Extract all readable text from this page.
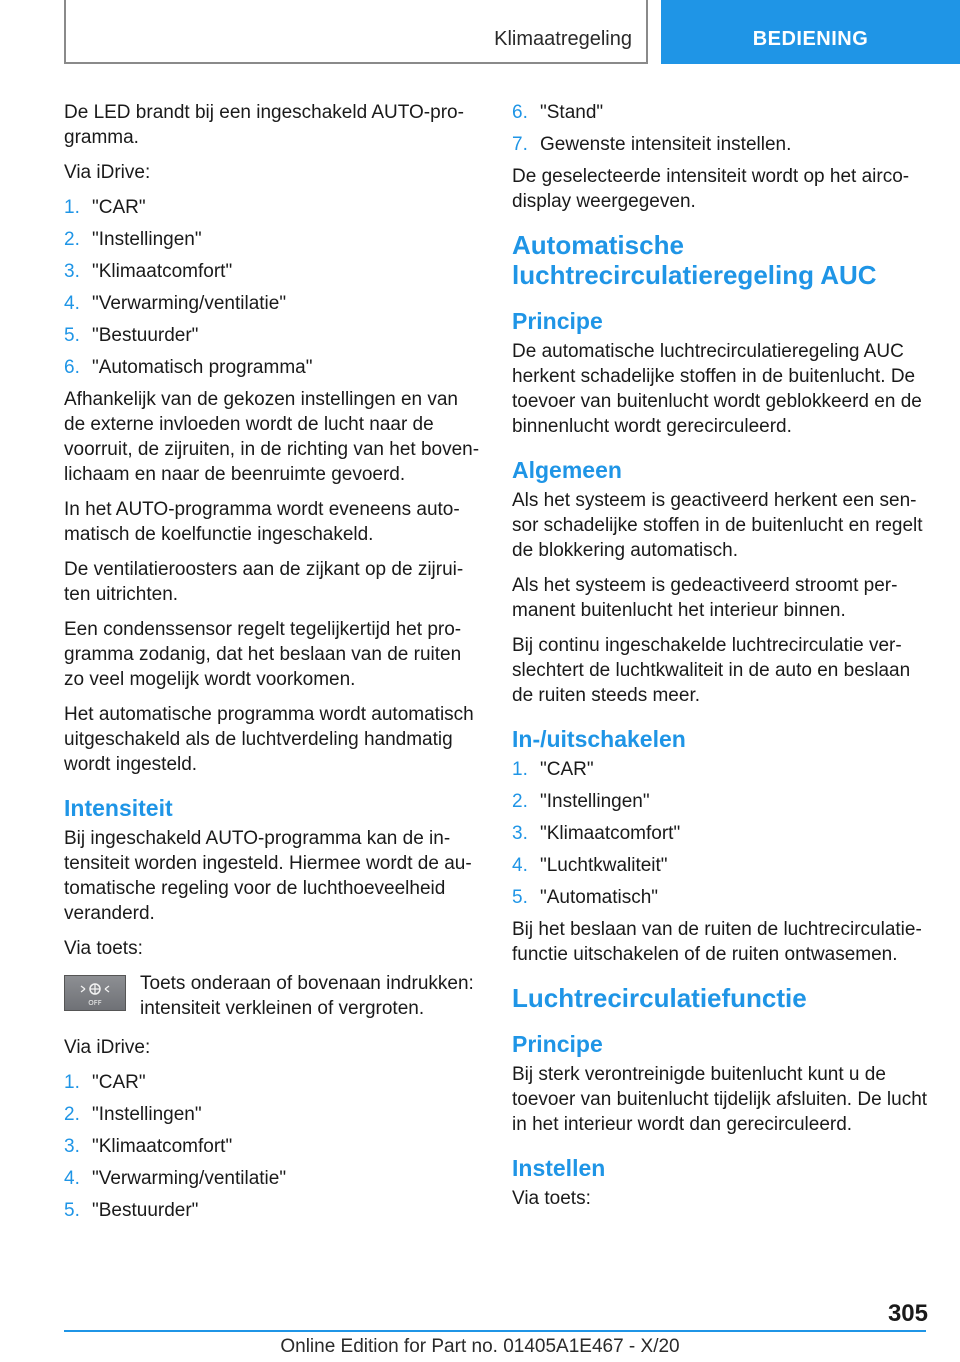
Klimaatregeling	BEDIENING

De LED brandt bij een ingeschakeld AUTO-pro‐gramma.

Via iDrive:

1. "CAR"
2. "Instellingen"
3. "Klimaatcomfort"
4. "Verwarming/ventilatie"
5. "Bestuurder"
6. "Automatisch programma"

Afhankelijk van de gekozen instellingen en van de externe invloeden wordt de lucht naar de voorruit, de zijruiten, in de richting van het boven‐lichaam en naar de beenruimte gevoerd.

In het AUTO-programma wordt eveneens auto‐matisch de koelfunctie ingeschakeld.

De ventilatieroosters aan de zijkant op de zijrui‐ten uitrichten.

Een condenssensor regelt tegelijkertijd het pro‐gramma zodanig, dat het beslaan van de ruiten zo veel mogelijk wordt voorkomen.

Het automatische programma wordt automatisch uitgeschakeld als de luchtverdeling handmatig wordt ingesteld.

Intensiteit

Bij ingeschakeld AUTO-programma kan de in‐tensiteit worden ingesteld. Hiermee wordt de au‐tomatische regeling voor de luchthoeveelheid veranderd.

Via toets:

OFF
Toets onderaan of bovenaan indrukken: intensiteit verkleinen of vergroten.

Via iDrive:

1. "CAR"
2. "Instellingen"
3. "Klimaatcomfort"
4. "Verwarming/ventilatie"
5. "Bestuurder"
6. "Stand"
7. Gewenste intensiteit instellen.

De geselecteerde intensiteit wordt op het airco‐display weergegeven.

Automatische luchtrecirculatieregeling AUC
Principe

De automatische luchtrecirculatieregeling AUC herkent schadelijke stoffen in de buitenlucht. De toevoer van buitenlucht wordt geblokkeerd en de binnenlucht wordt gerecirculeerd.

Algemeen

Als het systeem is geactiveerd herkent een sen‐sor schadelijke stoffen in de buitenlucht en regelt de blokkering automatisch.

Als het systeem is gedeactiveerd stroomt per‐manent buitenlucht het interieur binnen.

Bij continu ingeschakelde luchtrecirculatie ver‐slechtert de luchtkwaliteit in de auto en beslaan de ruiten steeds meer.

In-/uitschakelen
1. "CAR"
2. "Instellingen"
3. "Klimaatcomfort"
4. "Luchtkwaliteit"
5. "Automatisch"

Bij het beslaan van de ruiten de luchtrecirculatie‐functie uitschakelen of de ruiten ontwasemen.

Luchtrecirculatiefunctie
Principe

Bij sterk verontreinigde buitenlucht kunt u de toevoer van buitenlucht tijdelijk afsluiten. De lucht in het interieur wordt dan gerecirculeerd.

Instellen

Via toets:

305
Online Edition for Part no. 01405A1E467 - X/20
